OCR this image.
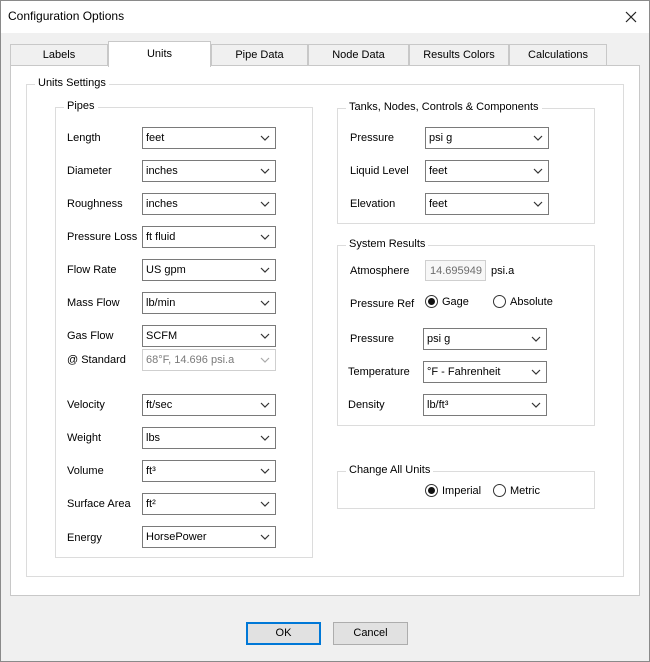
Configuration Options
Labels	Units	Pipe Data	Node Data	Results Colors	Calculations
Units Settings
Pipes
Length	feet
Diameter	inches
Roughness inches
Pressure Loss ft fluid
Flow Rate	US gpm
Mass Flow lb/min
Gas Flow	SCFM
@ Standard 68°F, 14.696 psi.a
Velocity	ft/sec
Weight	lbs
Volume	ft³
Surface Area ft²
Energy	HorsePower
Tanks, Nodes, Controls & Components
Pressure	psi g
Liquid Level feet
Elevation	feet
System Results
Atmosphere 14.695949 psi.a
Pressure Ref	Gage	Absolute
Pressure	psi g
Temperature °F - Fahrenheit
Density	lb/ft³
Change All Units
Imperial	Metric
OK	Cancel
